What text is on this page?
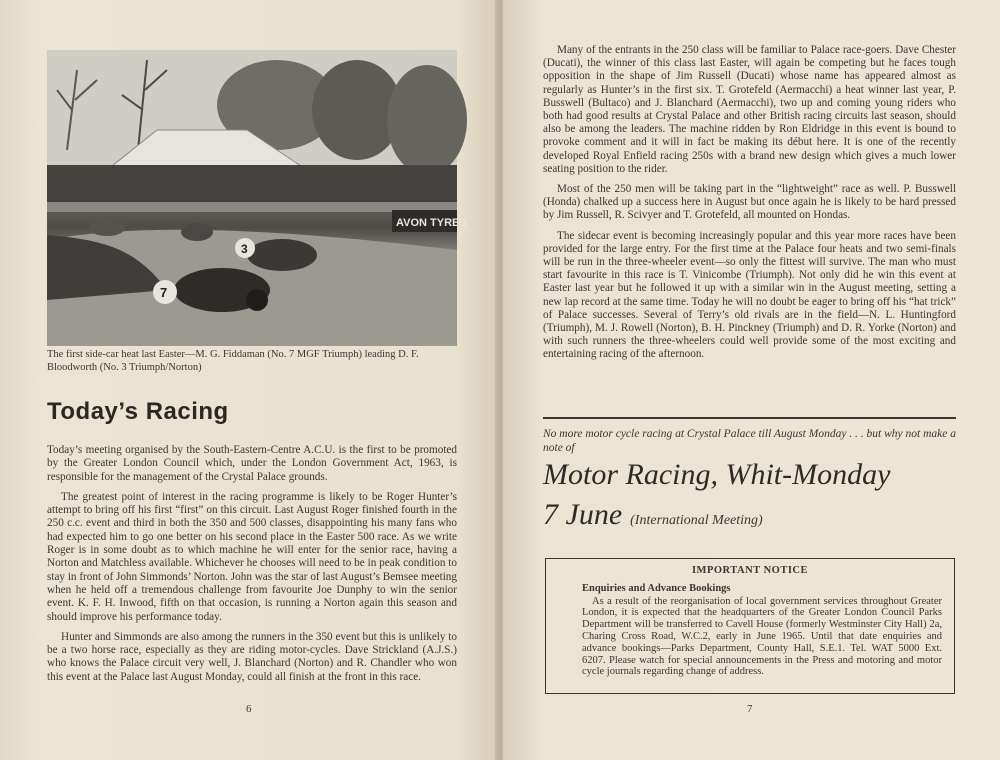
AVON TYRES
7
3
The first side-car heat last Easter—M. G. Fiddaman (No. 7 MGF Triumph) leading D. F. Bloodworth (No. 3 Triumph/Norton)
Today’s Racing

Today’s meeting organised by the South-Eastern-Centre A.C.U. is the first to be promoted by the Greater London Council which, under the London Government Act, 1963, is responsible for the management of the Crystal Palace grounds.

The greatest point of interest in the racing programme is likely to be Roger Hunter’s attempt to bring off his first “first” on this circuit. Last August Roger finished fourth in the 250 c.c. event and third in both the 350 and 500 classes, disappointing his many fans who had expected him to go one better on his second place in the Easter 500 race. As we write Roger is in some doubt as to which machine he will enter for the senior race, having a Norton and Matchless available. Whichever he chooses will need to be in peak condition to stay in front of John Simmonds’ Norton. John was the star of last August’s Bemsee meeting when he held off a tremendous challenge from favourite Joe Dunphy to win the senior event. K. F. H. Inwood, fifth on that occasion, is running a Norton again this season and should improve his performance today.

Hunter and Simmonds are also among the runners in the 350 event but this is unlikely to be a two horse race, especially as they are riding motor-cycles. Dave Strickland (A.J.S.) who knows the Palace circuit very well, J. Blanchard (Norton) and R. Chandler who won this event at the Palace last August Monday, could all finish at the front in this race.

6

Many of the entrants in the 250 class will be familiar to Palace race-goers. Dave Chester (Ducati), the winner of this class last Easter, will again be competing but he faces tough opposition in the shape of Jim Russell (Ducati) whose name has appeared almost as regularly as Hunter’s in the first six. T. Grotefeld (Aermacchi) a heat winner last year, P. Busswell (Bultaco) and J. Blanchard (Aermacchi), two up and coming young riders who both had good results at Crystal Palace and other British racing circuits last season, should also be among the leaders. The machine ridden by Ron Eldridge in this event is bound to provoke comment and it will in fact be making its début here. It is one of the recently developed Royal Enfield racing 250s with a brand new design which gives a much lower seating position to the rider.

Most of the 250 men will be taking part in the “lightweight” race as well. P. Busswell (Honda) chalked up a success here in August but once again he is likely to be hard pressed by Jim Russell, R. Scivyer and T. Grotefeld, all mounted on Hondas.

The sidecar event is becoming increasingly popular and this year more races have been provided for the large entry. For the first time at the Palace four heats and two semi-finals will be run in the three-wheeler event—so only the fittest will survive. The man who must start favourite in this race is T. Vinicombe (Triumph). Not only did he win this event at Easter last year but he followed it up with a similar win in the August meeting, setting a new lap record at the same time. Today he will no doubt be eager to bring off his “hat trick” of Palace successes. Several of Terry’s old rivals are in the field—N. L. Huntingford (Triumph), M. J. Rowell (Norton), B. H. Pinckney (Triumph) and D. R. Yorke (Norton) and with such runners the three-wheelers could well provide some of the most exciting and entertaining racing of the afternoon.

No more motor cycle racing at Crystal Palace till August Monday . . . but why not make a note of
Motor Racing, Whit-Monday
7 June (International Meeting)
IMPORTANT NOTICE
Enquiries and Advance Bookings

As a result of the reorganisation of local government services throughout Greater London, it is expected that the headquarters of the Greater London Council Parks Department will be transferred to Cavell House (formerly Westminster City Hall) 2a, Charing Cross Road, W.C.2, early in June 1965. Until that date enquiries and advance bookings—Parks Department, County Hall, S.E.1. Tel. WAT 5000 Ext. 6207. Please watch for special announcements in the Press and motoring and motor cycle journals regarding change of address.

7
